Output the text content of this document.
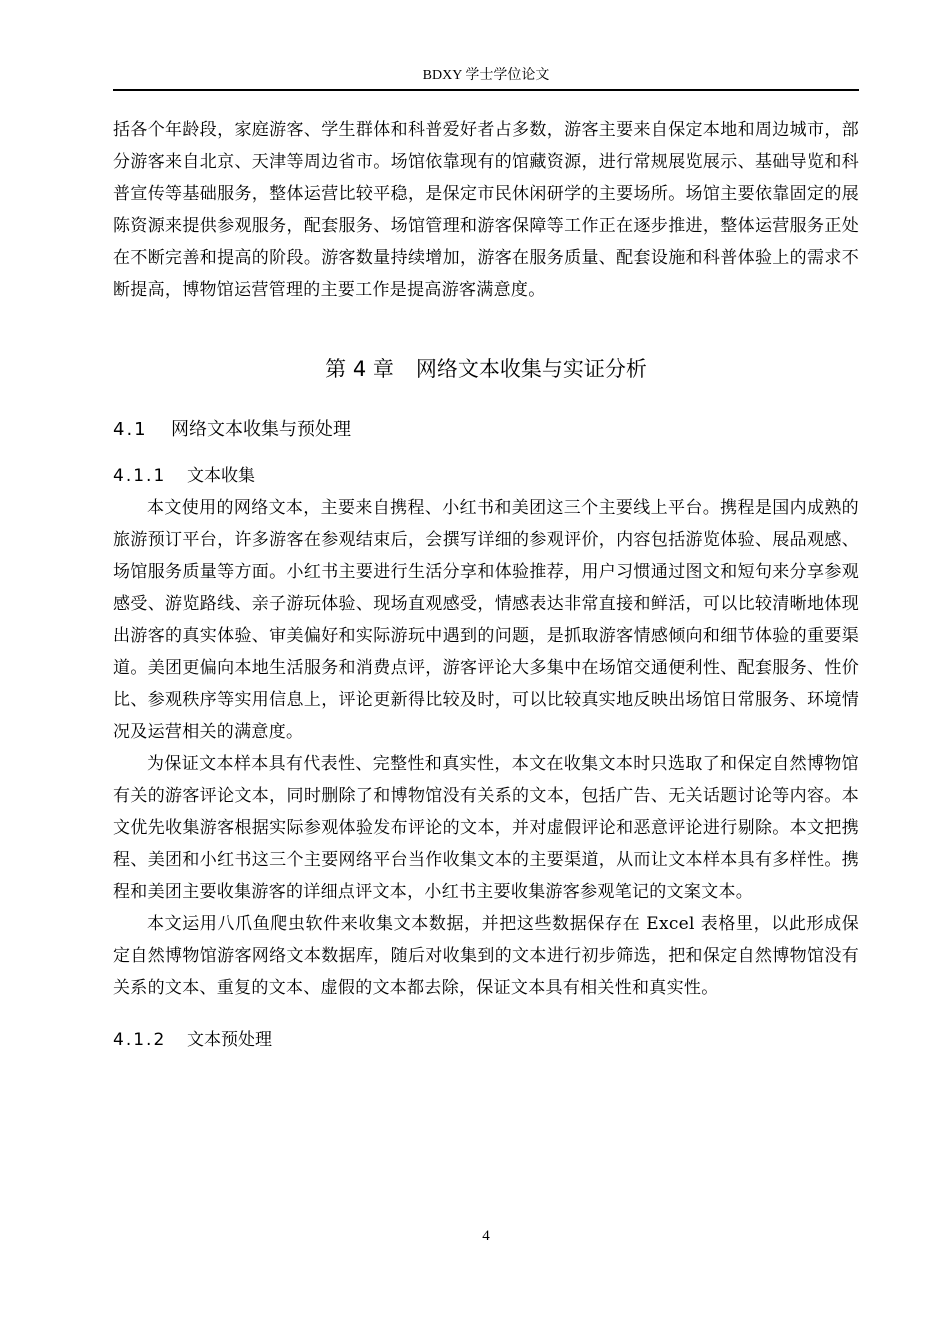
BDXY 学士学位论文

括各个年龄段，家庭游客、学生群体和科普爱好者占多数，游客主要来自保定本地和周边城市，部分游客来自北京、天津等周边省市。场馆依靠现有的馆藏资源，进行常规展览展示、基础导览和科普宣传等基础服务，整体运营比较平稳，是保定市民休闲研学的主要场所。场馆主要依靠固定的展陈资源来提供参观服务，配套服务、场馆管理和游客保障等工作正在逐步推进，整体运营服务正处在不断完善和提高的阶段。游客数量持续增加，游客在服务质量、配套设施和科普体验上的需求不断提高，博物馆运营管理的主要工作是提高游客满意度。

第 4 章 网络文本收集与实证分析
4.1 网络文本收集与预处理
4.1.1 文本收集

本文使用的网络文本，主要来自携程、小红书和美团这三个主要线上平台。携程是国内成熟的旅游预订平台，许多游客在参观结束后，会撰写详细的参观评价，内容包括游览体验、展品观感、场馆服务质量等方面。小红书主要进行生活分享和体验推荐，用户习惯通过图文和短句来分享参观感受、游览路线、亲子游玩体验、现场直观感受，情感表达非常直接和鲜活，可以比较清晰地体现出游客的真实体验、审美偏好和实际游玩中遇到的问题，是抓取游客情感倾向和细节体验的重要渠道。美团更偏向本地生活服务和消费点评，游客评论大多集中在场馆交通便利性、配套服务、性价比、参观秩序等实用信息上，评论更新得比较及时，可以比较真实地反映出场馆日常服务、环境情况及运营相关的满意度。

为保证文本样本具有代表性、完整性和真实性，本文在收集文本时只选取了和保定自然博物馆有关的游客评论文本，同时删除了和博物馆没有关系的文本，包括广告、无关话题讨论等内容。本文优先收集游客根据实际参观体验发布评论的文本，并对虚假评论和恶意评论进行剔除。本文把携程、美团和小红书这三个主要网络平台当作收集文本的主要渠道，从而让文本样本具有多样性。携程和美团主要收集游客的详细点评文本，小红书主要收集游客参观笔记的文案文本。

本文运用八爪鱼爬虫软件来收集文本数据，并把这些数据保存在 Excel 表格里，以此形成保定自然博物馆游客网络文本数据库，随后对收集到的文本进行初步筛选，把和保定自然博物馆没有关系的文本、重复的文本、虚假的文本都去除，保证文本具有相关性和真实性。

4.1.2 文本预处理
4
